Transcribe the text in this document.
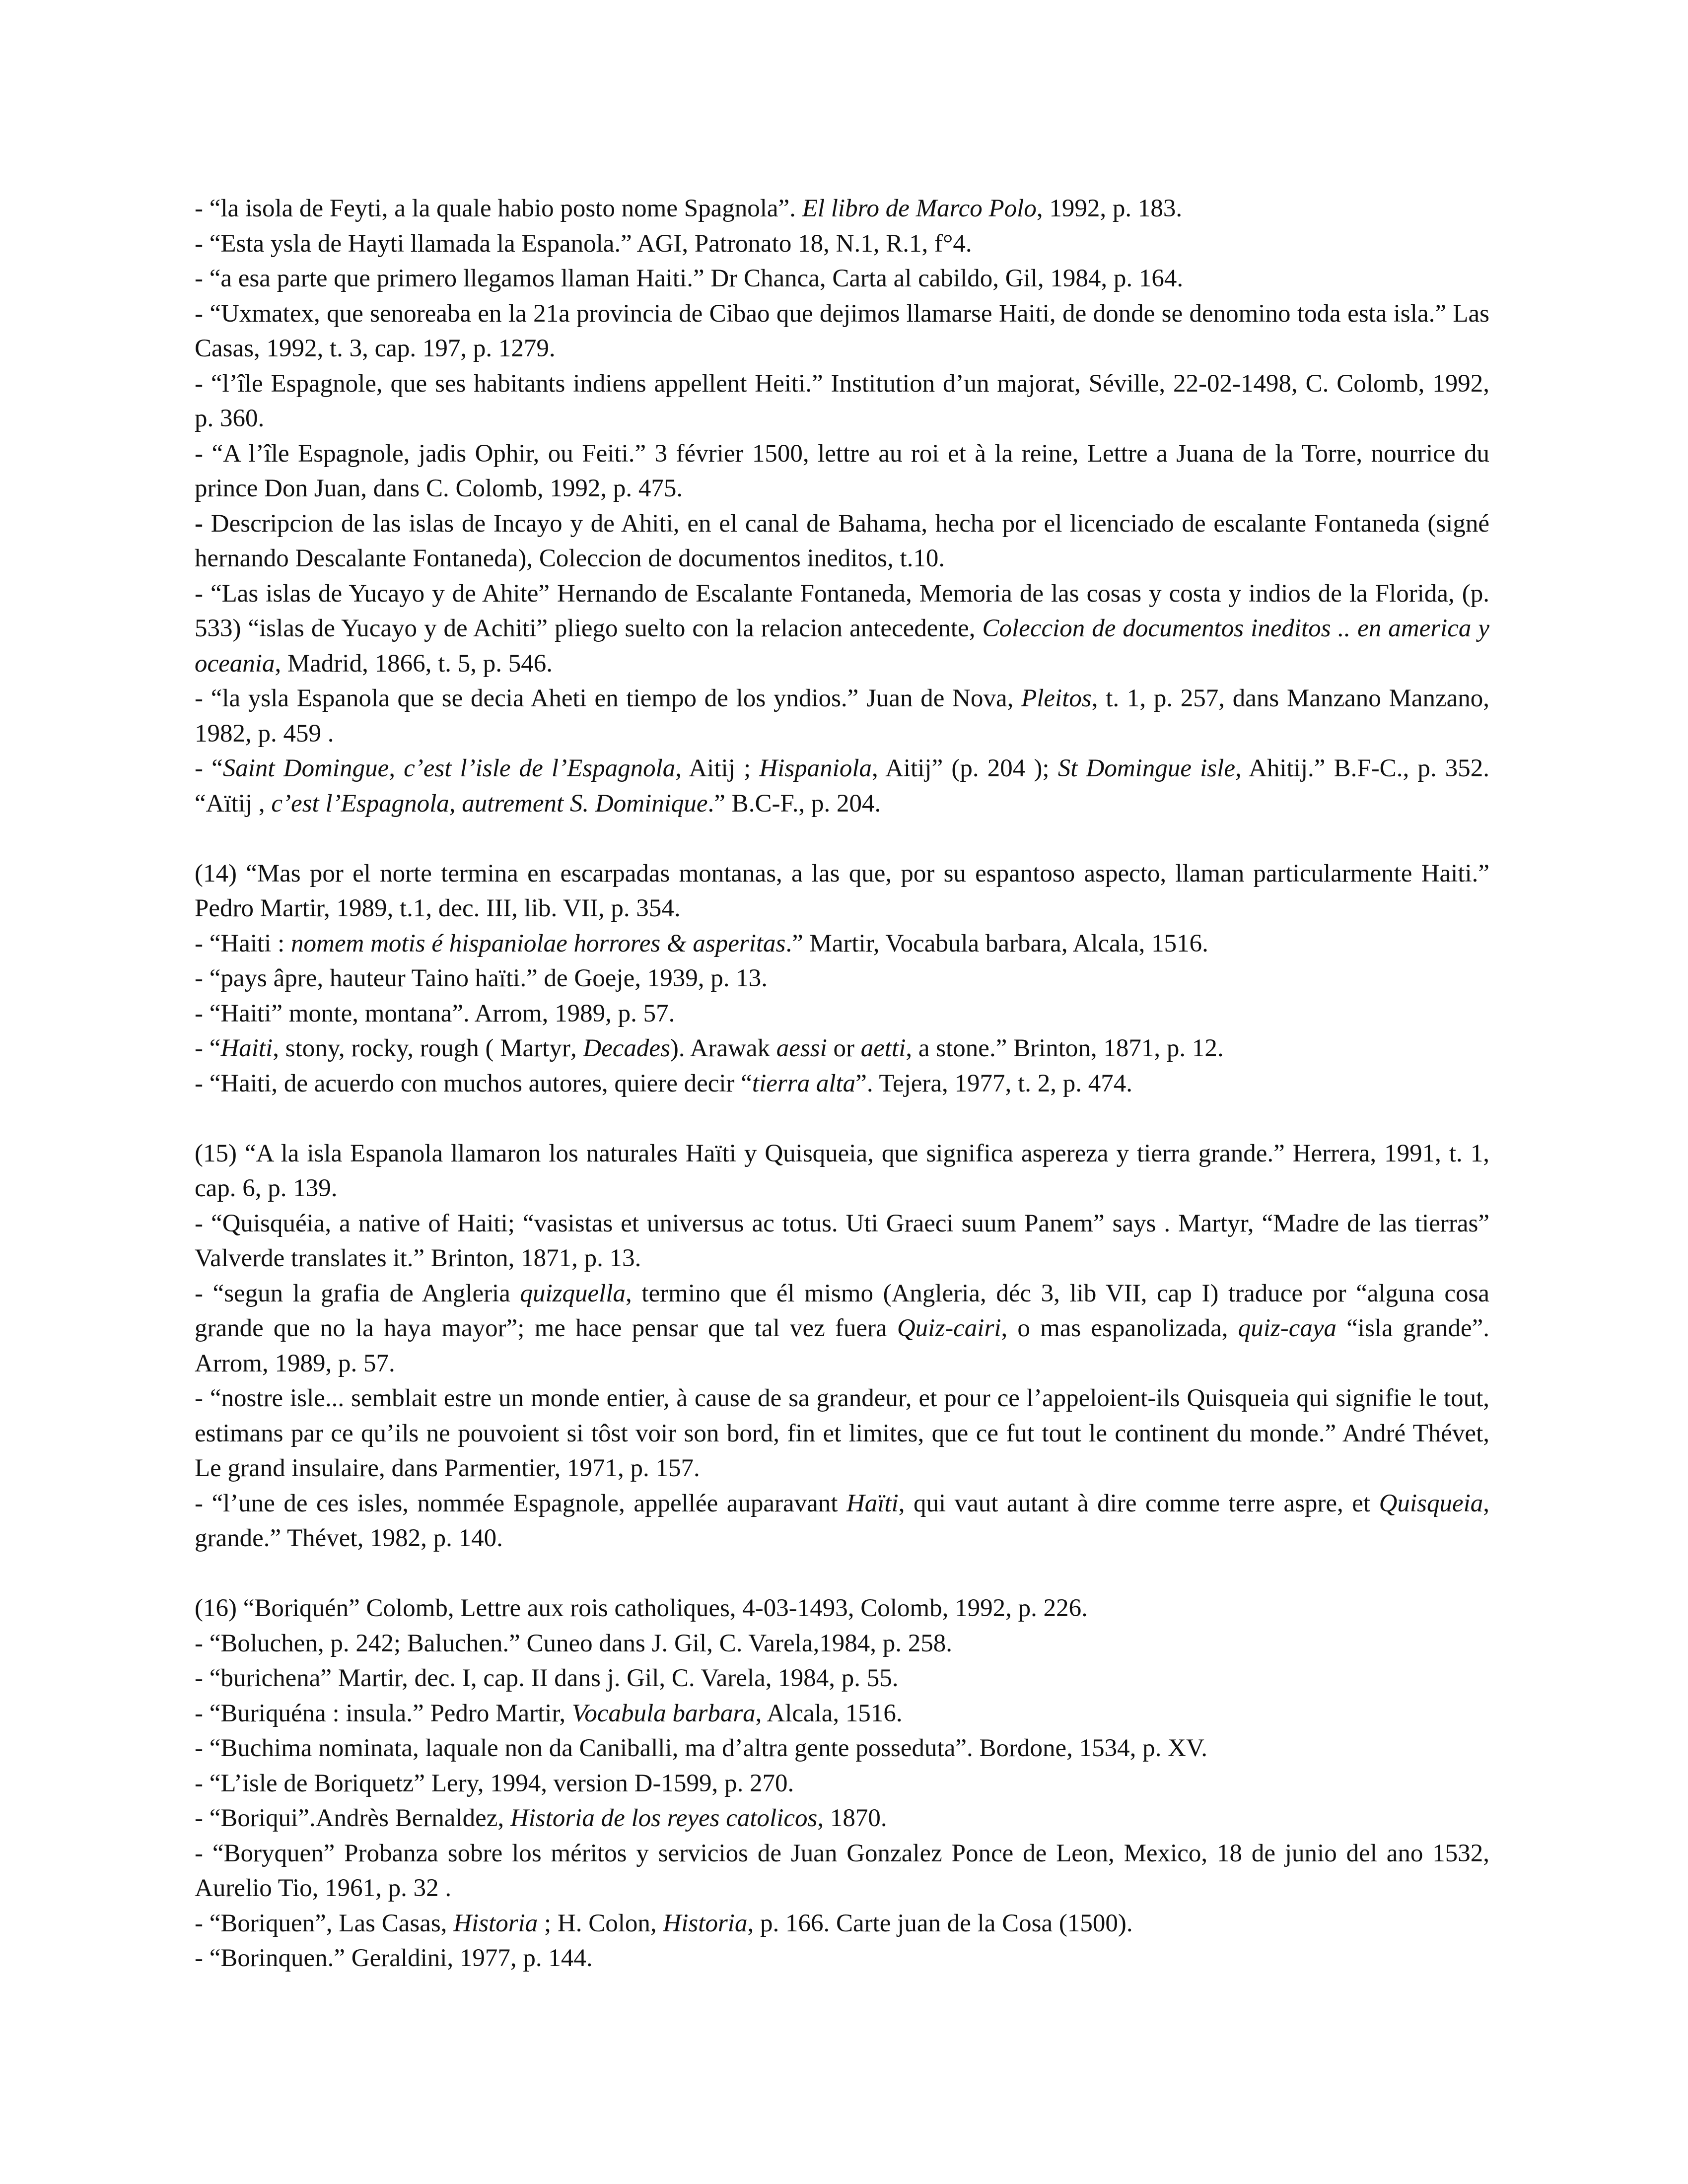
- “la isola de Feyti, a la quale habio posto nome Spagnola”. El libro de Marco Polo, 1992, p. 183.

- “Esta ysla de Hayti llamada la Espanola.” AGI, Patronato 18, N.1, R.1, f°4.

- “a esa parte que primero llegamos llaman Haiti.” Dr Chanca, Carta al cabildo, Gil, 1984, p. 164.

- “Uxmatex, que senoreaba en la 21a provincia de Cibao que dejimos llamarse Haiti, de donde se denomino toda esta isla.” Las Casas, 1992, t. 3, cap. 197, p. 1279.

- “l’île Espagnole, que ses habitants indiens appellent Heiti.” Institution d’un majorat, Séville, 22-02-1498, C. Colomb, 1992, p. 360.

- “A l’île Espagnole, jadis Ophir, ou Feiti.” 3 février 1500, lettre au roi et à la reine, Lettre a Juana de la Torre, nourrice du prince Don Juan, dans C. Colomb, 1992, p. 475.

- Descripcion de las islas de Incayo y de Ahiti, en el canal de Bahama, hecha por el licenciado de escalante Fontaneda (signé hernando Descalante Fontaneda), Coleccion de documentos ineditos, t.10.

- “Las islas de Yucayo y de Ahite” Hernando de Escalante Fontaneda, Memoria de las cosas y costa y indios de la Florida, (p. 533) “islas de Yucayo y de Achiti” pliego suelto con la relacion antecedente, Coleccion de documentos ineditos .. en america y oceania, Madrid, 1866, t. 5, p. 546.

- “la ysla Espanola que se decia Aheti en tiempo de los yndios.” Juan de Nova, Pleitos, t. 1, p. 257, dans Manzano Manzano, 1982, p. 459 .

- “Saint Domingue, c’est l’isle de l’Espagnola, Aitij ; Hispaniola, Aitij” (p. 204 ); St Domingue isle, Ahitij.” B.F-C., p. 352. “Aïtij , c’est l’Espagnola, autrement S. Dominique.” B.C-F., p. 204.

(14) “Mas por el norte termina en escarpadas montanas, a las que, por su espantoso aspecto, llaman particularmente Haiti.” Pedro Martir, 1989, t.1, dec. III, lib. VII, p. 354.

- “Haiti : nomem motis é hispaniolae horrores & asperitas.” Martir, Vocabula barbara, Alcala, 1516.

- “pays âpre, hauteur Taino haïti.” de Goeje, 1939, p. 13.

- “Haiti” monte, montana”. Arrom, 1989, p. 57.

- “Haiti, stony, rocky, rough ( Martyr, Decades). Arawak aessi or aetti, a stone.” Brinton, 1871, p. 12.

- “Haiti, de acuerdo con muchos autores, quiere decir “tierra alta”. Tejera, 1977, t. 2, p. 474.

(15) “A la isla Espanola llamaron los naturales Haïti y Quisqueia, que significa aspereza y tierra grande.” Herrera, 1991, t. 1, cap. 6, p. 139.

- “Quisquéia, a native of Haiti; “vasistas et universus ac totus. Uti Graeci suum Panem” says . Martyr, “Madre de las tierras” Valverde translates it.” Brinton, 1871, p. 13.

- “segun la grafia de Angleria quizquella, termino que él mismo (Angleria, déc 3, lib VII, cap I) traduce por “alguna cosa grande que no la haya mayor”; me hace pensar que tal vez fuera Quiz-cairi, o mas espanolizada, quiz-caya “isla grande”. Arrom, 1989, p. 57.

- “nostre isle... semblait estre un monde entier, à cause de sa grandeur, et pour ce l’appeloient-ils Quisqueia qui signifie le tout, estimans par ce qu’ils ne pouvoient si tôst voir son bord, fin et limites, que ce fut tout le continent du monde.” André Thévet, Le grand insulaire, dans Parmentier, 1971, p. 157.

- “l’une de ces isles, nommée Espagnole, appellée auparavant Haïti, qui vaut autant à dire comme terre aspre, et Quisqueia, grande.” Thévet, 1982, p. 140.

(16) “Boriquén” Colomb, Lettre aux rois catholiques, 4-03-1493, Colomb, 1992, p. 226.

- “Boluchen, p. 242; Baluchen.” Cuneo dans J. Gil, C. Varela,1984, p. 258.

- “burichena” Martir, dec. I, cap. II dans j. Gil, C. Varela, 1984, p. 55.

- “Buriquéna : insula.” Pedro Martir, Vocabula barbara, Alcala, 1516.

- “Buchima nominata, laquale non da Caniballi, ma d’altra gente posseduta”. Bordone, 1534, p. XV.

- “L’isle de Boriquetz” Lery, 1994, version D-1599, p. 270.

- “Boriqui”.Andrès Bernaldez, Historia de los reyes catolicos, 1870.

- “Boryquen” Probanza sobre los méritos y servicios de Juan Gonzalez Ponce de Leon, Mexico, 18 de junio del ano 1532, Aurelio Tio, 1961, p. 32 .

- “Boriquen”, Las Casas, Historia ; H. Colon, Historia, p. 166. Carte juan de la Cosa (1500).

- “Borinquen.” Geraldini, 1977, p. 144.
